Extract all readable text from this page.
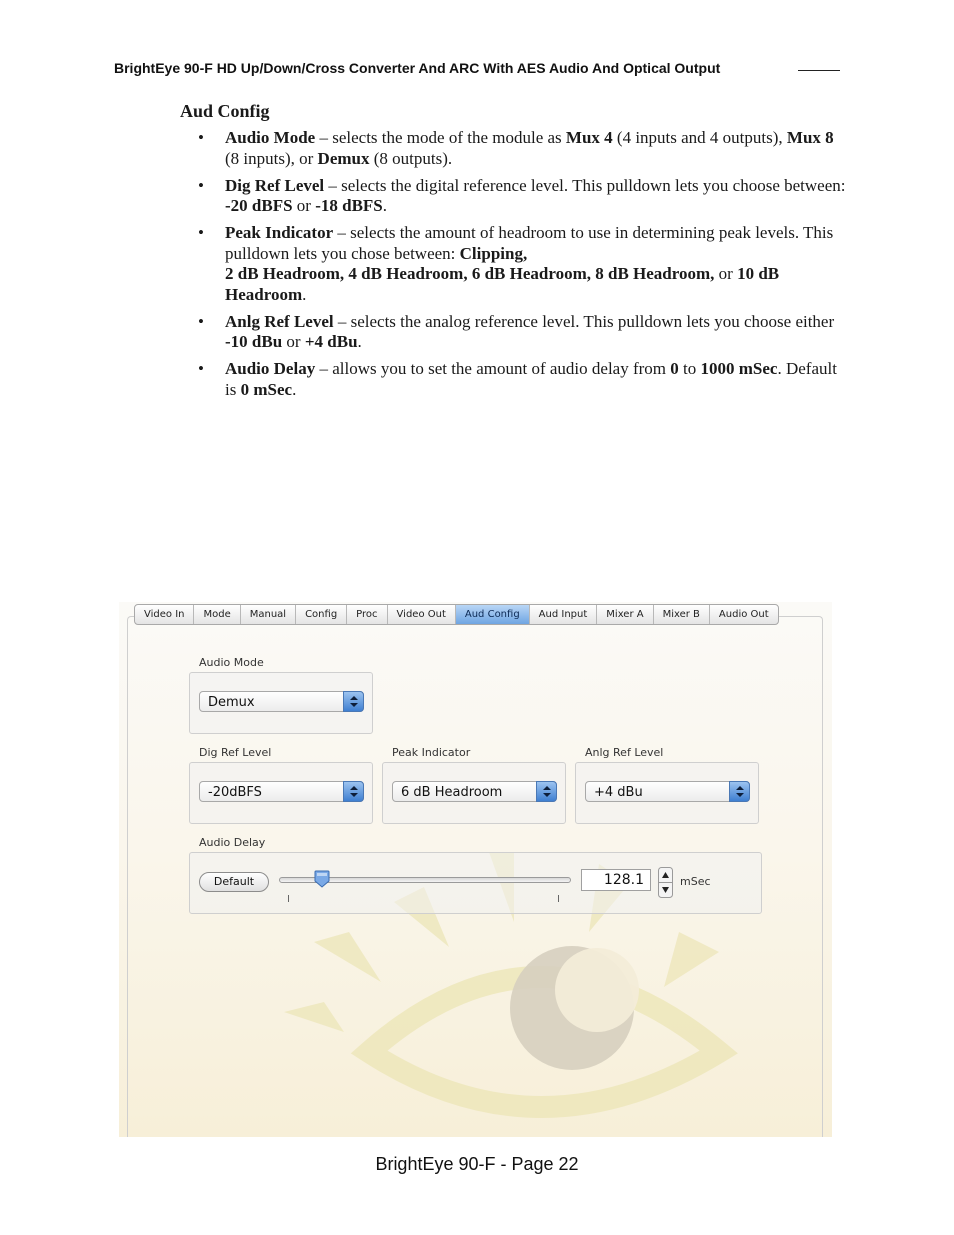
BrightEye 90-F HD Up/Down/Cross Converter And ARC With AES Audio And Optical Output
Aud Config
• Audio Mode – selects the mode of the module as Mux 4 (4 inputs and 4 outputs), Mux 8 (8 inputs), or Demux (8 outputs).
• Dig Ref Level – selects the digital reference level. This pulldown lets you choose between: -20 dBFS or -18 dBFS.
• Peak Indicator – selects the amount of headroom to use in determining peak levels. This pulldown lets you chose between: Clipping,
2 dB Headroom, 4 dB Headroom, 6 dB Headroom, 8 dB Headroom, or 10 dB Headroom.
• Anlg Ref Level – selects the analog reference level. This pulldown lets you choose either -10 dBu or +4 dBu.
• Audio Delay – allows you to set the amount of audio delay from 0 to 1000 mSec. Default is 0 mSec.
Video In	Mode	Manual	Config	Proc	Video Out	Aud Config	Aud Input	Mixer A	Mixer B	Audio Out
Audio Mode
Demux
Dig Ref Level
-20dBFS
Peak Indicator
6 dB Headroom
Anlg Ref Level
+4 dBu
Audio Delay
Default	128.1	mSec
BrightEye 90-F - Page 22
